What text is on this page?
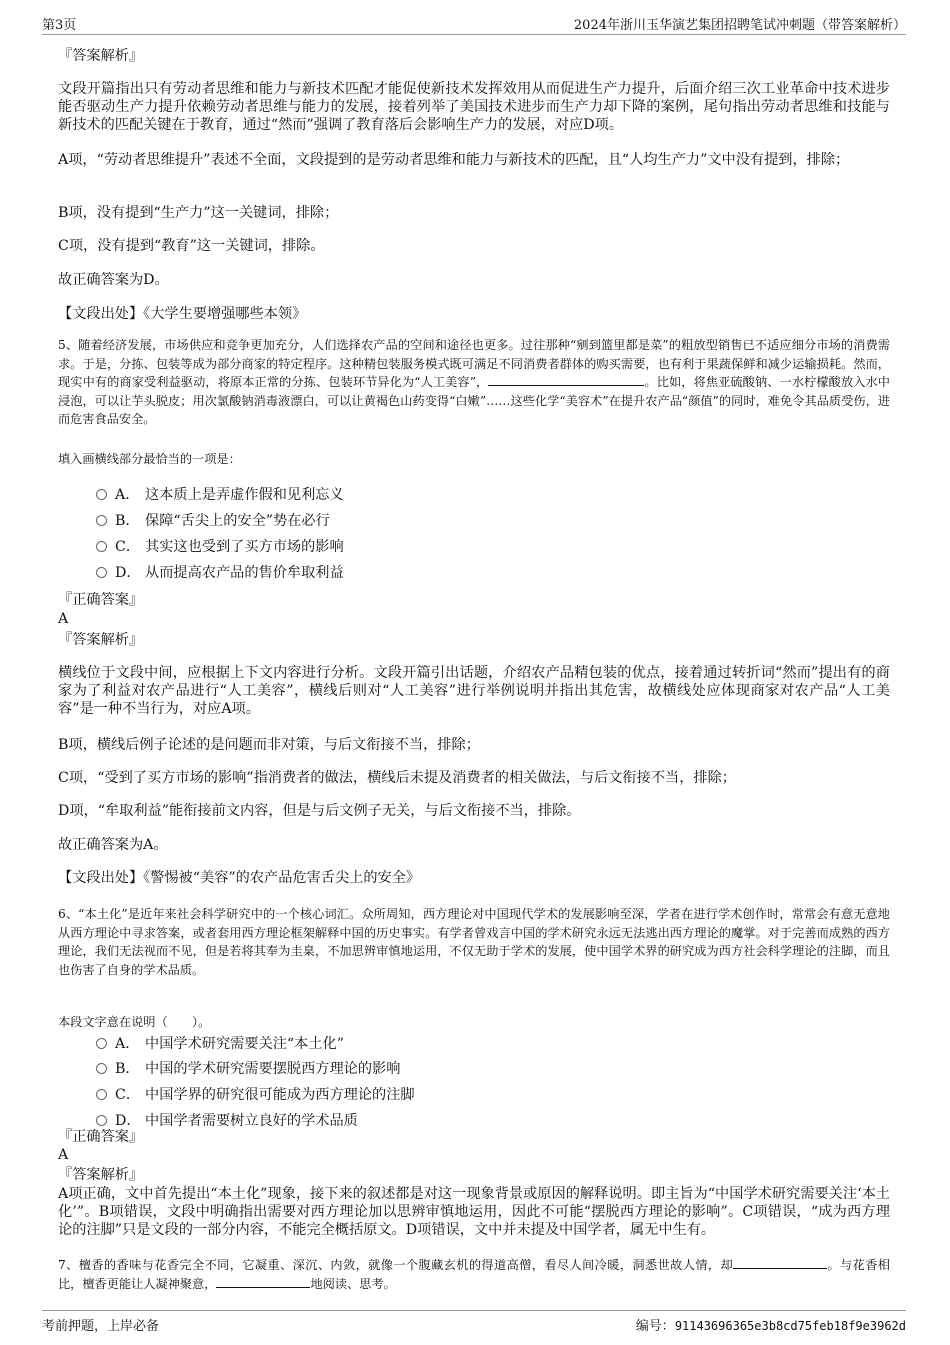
第3页	2024年浙川玉华演艺集团招聘笔试冲刺题（带答案解析）
『答案解析』

文段开篇指出只有劳动者思维和能力与新技术匹配才能促使新技术发挥效用从而促进生产力提升，后面介绍三次工业革命中技术进步能否驱动生产力提升依赖劳动者思维与能力的发展，接着列举了美国技术进步而生产力却下降的案例，尾句指出劳动者思维和技能与新技术的匹配关键在于教育，通过“然而”强调了教育落后会影响生产力的发展，对应D项。

A项，“劳动者思维提升”表述不全面，文段提到的是劳动者思维和能力与新技术的匹配，且“人均生产力”文中没有提到，排除；

B项，没有提到“生产力”这一关键词，排除；

C项，没有提到“教育”这一关键词，排除。

故正确答案为D。

【文段出处】《大学生要增强哪些本领》

5、随着经济发展，市场供应和竞争更加充分，人们选择农产品的空间和途径也更多。过往那种“剜到篮里都是菜”的粗放型销售已不适应细分市场的消费需求。于是，分拣、包装等成为部分商家的特定程序。这种精包装服务模式既可满足不同消费者群体的购买需要，也有利于果蔬保鲜和减少运输损耗。然而，现实中有的商家受利益驱动，将原本正常的分拣、包装环节异化为“人工美容”，	。比如，将焦亚硫酸钠、一水柠檬酸放入水中浸泡，可以让芋头脱皮；用次氯酸钠消毒液漂白，可以让黄褐色山药变得“白嫩”……这些化学“美容术”在提升农产品“颜值”的同时，难免令其品质受伤，进而危害食品安全。

填入画横线部分最恰当的一项是：

A． 这本质上是弄虚作假和见利忘义
B． 保障“舌尖上的安全”势在必行
C． 其实这也受到了买方市场的影响
D． 从而提高农产品的售价牟取利益
『正确答案』
A
『答案解析』

横线位于文段中间，应根据上下文内容进行分析。文段开篇引出话题，介绍农产品精包装的优点，接着通过转折词“然而”提出有的商家为了利益对农产品进行“人工美容”，横线后则对“人工美容”进行举例说明并指出其危害，故横线处应体现商家对农产品“人工美容”是一种不当行为，对应A项。

B项，横线后例子论述的是问题而非对策，与后文衔接不当，排除；

C项，“受到了买方市场的影响”指消费者的做法，横线后未提及消费者的相关做法，与后文衔接不当，排除；

D项，“牟取利益”能衔接前文内容，但是与后文例子无关，与后文衔接不当，排除。

故正确答案为A。

【文段出处】《警惕被“美容”的农产品危害舌尖上的安全》

6、“本土化”是近年来社会科学研究中的一个核心词汇。众所周知，西方理论对中国现代学术的发展影响至深，学者在进行学术创作时，常常会有意无意地从西方理论中寻求答案，或者套用西方理论框架解释中国的历史事实。有学者曾戏言中国的学术研究永远无法逃出西方理论的魔掌。对于完善而成熟的西方理论，我们无法视而不见，但是若将其奉为圭臬，不加思辨审慎地运用，不仅无助于学术的发展，使中国学术界的研究成为西方社会科学理论的注脚，而且也伤害了自身的学术品质。

本段文字意在说明（　　）。

A． 中国学术研究需要关注“本土化”
B． 中国的学术研究需要摆脱西方理论的影响
C． 中国学界的研究很可能成为西方理论的注脚
D． 中国学者需要树立良好的学术品质
『正确答案』
A
『答案解析』

A项正确，文中首先提出“本土化”现象，接下来的叙述都是对这一现象背景或原因的解释说明。即主旨为“中国学术研究需要关注‘本土化’”。B项错误，文段中明确指出需要对西方理论加以思辨审慎地运用，因此不可能“摆脱西方理论的影响”。C项错误，“成为西方理论的注脚”只是文段的一部分内容，不能完全概括原文。D项错误，文中并未提及中国学者，属无中生有。

7、檀香的香味与花香完全不同，它凝重、深沉、内敛，就像一个腹藏玄机的得道高僧，看尽人间冷暖，洞悉世故人情，却	。与花香相比，檀香更能让人凝神聚意，	地阅读、思考。

考前押题，上岸必备	编号：91143696365e3b8cd75feb18f9e3962d
